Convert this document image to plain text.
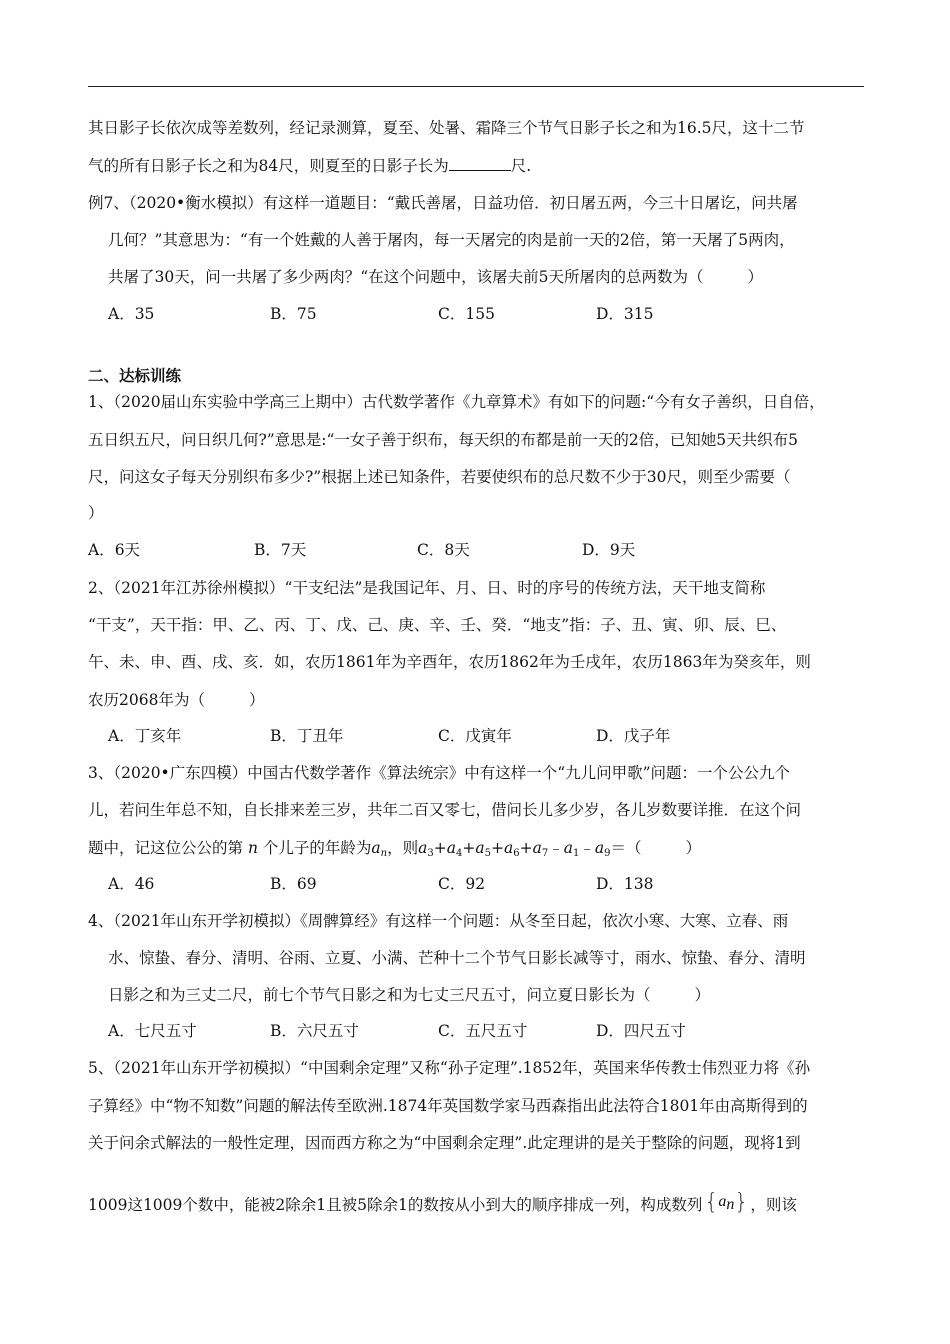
其日影子长依次成等差数列，经记录测算，夏至、处暑、霜降三个节气日影子长之和为16.5尺，这十二节
气的所有日影子长之和为84尺，则夏至的日影子长为	尺.
例7、（2020•衡水模拟）有这样一道题目：“戴氏善屠，日益功倍．初日屠五两，今三十日屠讫，问共屠
几何？”其意思为：“有一个姓戴的人善于屠肉，每一天屠完的肉是前一天的2倍，第一天屠了5两肉，
共屠了30天，问一共屠了多少两肉？“在这个问题中，该屠夫前5天所屠肉的总两数为（	）
A．35	B．75	C．155	D．315
二、达标训练
1、（2020届山东实验中学高三上期中）古代数学著作《九章算术》有如下的问题:“今有女子善织，日自倍，
五日织五尺，问日织几何?”意思是:“一女子善于织布，每天织的布都是前一天的2倍，已知她5天共织布5
尺，问这女子每天分别织布多少?”根据上述已知条件，若要使织布的总尺数不少于30尺，则至少需要（
）
A．6天	B．7天	C．8天	D．9天
2、（2021年江苏徐州模拟）“干支纪法”是我国记年、月、日、时的序号的传统方法，天干地支简称
“干支”，天干指：甲、乙、丙、丁、戊、己、庚、辛、壬、癸．“地支”指：子、丑、寅、卯、辰、巳、
午、未、申、酉、戌、亥．如，农历1861年为辛酉年，农历1862年为壬戌年，农历1863年为癸亥年，则
农历2068年为（	）
A．丁亥年	B．丁丑年	C．戊寅年	D．戊子年
3、（2020•广东四模）中国古代数学著作《算法统宗》中有这样一个“九儿问甲歌”问题：一个公公九个
儿，若问生年总不知，自长排来差三岁，共年二百又零七，借问长儿多少岁，各儿岁数要详推．在这个问
题中，记这位公公的第 n 个儿子的年龄为$a_n$，则$a_3+a_4+a_5+a_6+a_7﹣a_1﹣a_9=$（	）
A．46	B．69	C．92	D．138
4、（2021年山东开学初模拟）《周髀算经》有这样一个问题：从冬至日起，依次小寒、大寒、立春、雨
水、惊蛰、春分、清明、谷雨、立夏、小满、芒种十二个节气日影长减等寸，雨水、惊蛰、春分、清明
日影之和为三丈二尺，前七个节气日影之和为七丈三尺五寸，问立夏日影长为（	）
A．七尺五寸	B．六尺五寸	C．五尺五寸	D．四尺五寸
5、（2021年山东开学初模拟）“中国剩余定理”又称“孙子定理”.1852年，英国来华传教士伟烈亚力将《孙
子算经》中“物不知数”问题的解法传至欧洲.1874年英国数学家马西森指出此法符合1801年由高斯得到的
关于问余式解法的一般性定理，因而西方称之为“中国剩余定理”.此定理讲的是关于整除的问题，现将1到
1009这1009个数中，能被2除余1且被5除余1的数按从小到大的顺序排成一列，构成数列$\{a_n\}$ ，则该
